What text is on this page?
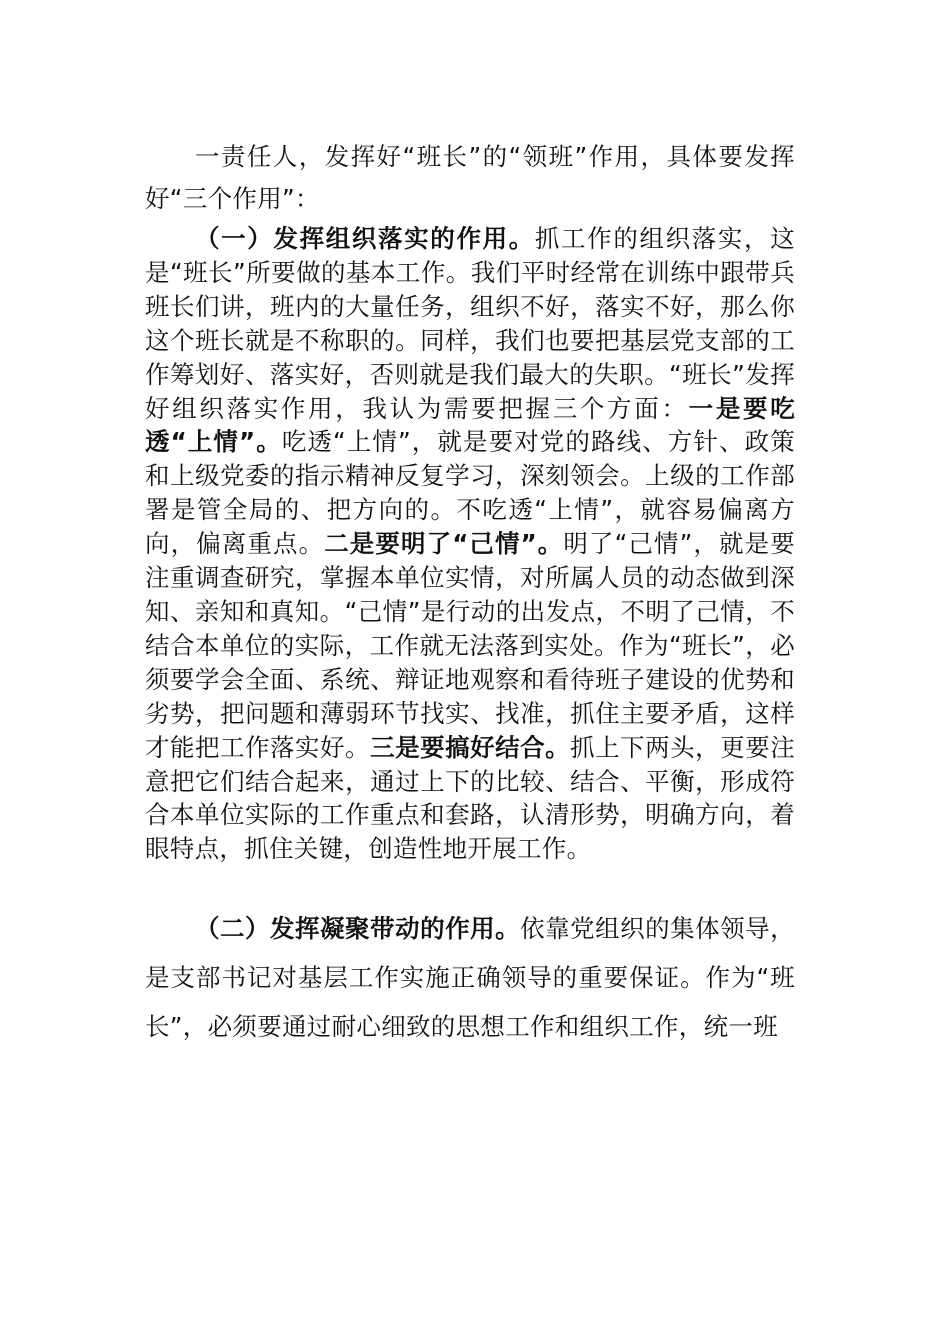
一责任人，发挥好“班长”的“领班”作用，具体要发挥好“三个作用”：

（一）发挥组织落实的作用。抓工作的组织落实，这是“班长”所要做的基本工作。我们平时经常在训练中跟带兵班长们讲，班内的大量任务，组织不好，落实不好，那么你这个班长就是不称职的。同样，我们也要把基层党支部的工作筹划好、落实好，否则就是我们最大的失职。“班长”发挥好组织落实作用，我认为需要把握三个方面：一是要吃透“上情”。吃透“上情”，就是要对党的路线、方针、政策和上级党委的指示精神反复学习，深刻领会。上级的工作部署是管全局的、把方向的。不吃透“上情”，就容易偏离方向，偏离重点。二是要明了“己情”。明了“己情”，就是要注重调查研究，掌握本单位实情，对所属人员的动态做到深知、亲知和真知。“己情”是行动的出发点，不明了己情，不结合本单位的实际，工作就无法落到实处。作为“班长”，必须要学会全面、系统、辩证地观察和看待班子建设的优势和劣势，把问题和薄弱环节找实、找准，抓住主要矛盾，这样才能把工作落实好。三是要搞好结合。抓上下两头，更要注意把它们结合起来，通过上下的比较、结合、平衡，形成符合本单位实际的工作重点和套路，认清形势，明确方向，着眼特点，抓住关键，创造性地开展工作。

（二）发挥凝聚带动的作用。依靠党组织的集体领导，是支部书记对基层工作实施正确领导的重要保证。作为“班长”，必须要通过耐心细致的思想工作和组织工作，统一班
